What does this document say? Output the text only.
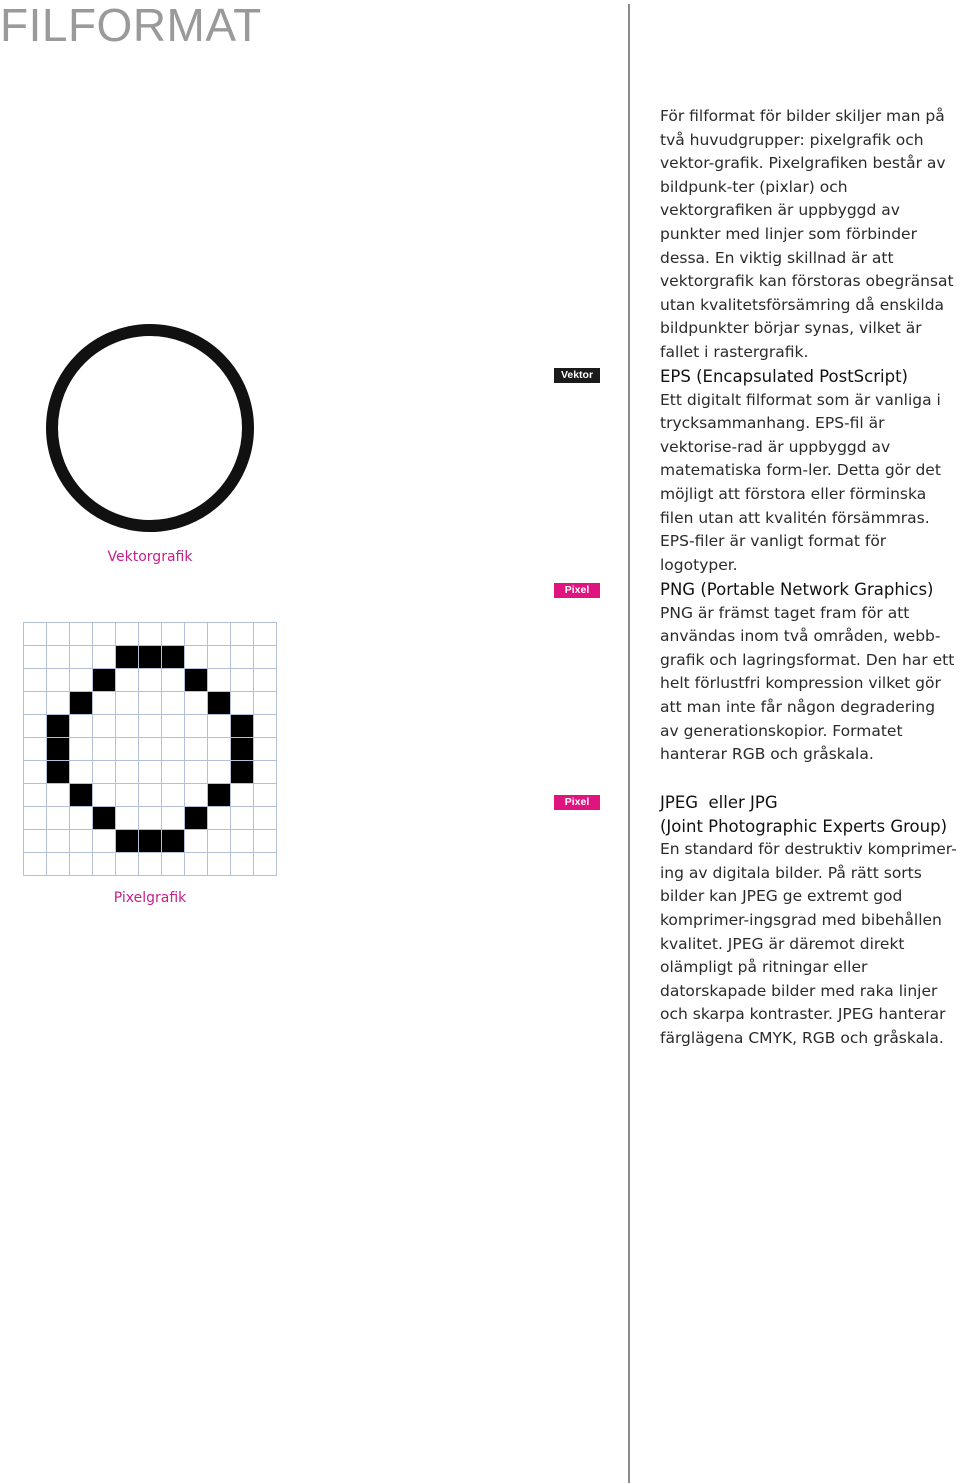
FILFORMAT

För filformat för bilder skiljer man på två huvudgrupper: pixelgrafik och vektor-grafik. Pixelgrafiken består av bildpunk-ter (pixlar) och vektorgrafiken är uppbyggd av punkter med linjer som förbinder dessa. En viktig skillnad är att vektorgrafik kan förstoras obegränsat utan kvalitetsförsämring då enskilda bildpunkter börjar synas, vilket är fallet i rastergrafik.

Vektorgrafik
Pixelgrafik
Vektor
Pixel
Pixel
EPS (Encapsulated PostScript)
Ett digitalt filformat som är vanliga i trycksammanhang. EPS-fil är vektorise-rad är uppbyggd av matematiska form-ler. Detta gör det möjligt att förstora eller förminska filen utan att kvalitén försämmras. EPS-filer är vanligt format för logotyper.
PNG (Portable Network Graphics)
PNG är främst taget fram för att användas inom två områden, webb-grafik och lagringsformat. Den har ett helt förlustfri kompression vilket gör att man inte får någon degradering av generationskopior. Formatet hanterar RGB och gråskala.
JPEG  eller JPG
(Joint Photographic Experts Group)
En standard för destruktiv komprimer-ing av digitala bilder. På rätt sorts bilder kan JPEG ge extremt god komprimer-ingsgrad med bibehållen kvalitet. JPEG är däremot direkt olämpligt på ritningar eller datorskapade bilder med raka linjer och skarpa kontraster. JPEG hanterar färglägena CMYK, RGB och gråskala.
